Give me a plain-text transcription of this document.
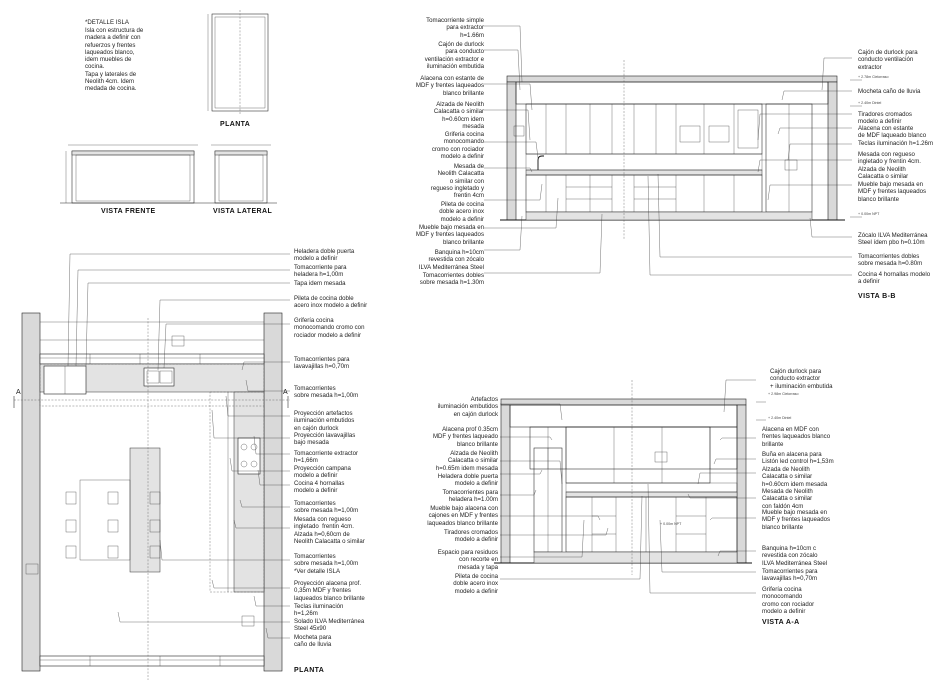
*DETALLE ISLA
Isla con estructura de
madera a definir con
refuerzos y frentes
laqueados blanco,
idem muebles de
cocina.
Tapa y laterales de
Neolith 4cm. Idem
medada de cocina.
PLANTA
VISTA FRENTE	VISTA LATERAL
Tomacorriente simple
para extractor
h=1.66m
Cajón de durlock
para conducto
ventilación extractor e
iluminación embutida
Alacena con estante de
MDF y frentes laqueados
blanco brillante
Alzada de Neolith
Calacatta o similar
h=0.60cm idem
mesada
Griferia cocina
monocomando
cromo con rociador
modelo a definir
Mesada de
Neolith Calacatta
o similar con
regueso ingletado y
frentin 4cm
Pileta de cocina
doble acero inox
modelo a definir
Mueble bajo mesada en
MDF y frentes laqueados
blanco brillante
Banquina h=10cm
revestida con zócalo
ILVA Mediterránea Steel
Tomacorrientes dobles
sobre mesada h=1.30m
Cajón de durlock para
conducto ventilación
extractor
Mocheta caño de lluvia
Tiradores cromados
modelo a definir
Alacena con estante
de MDF laqueado blanco
Teclas iluminación h=1.26m
Mesada con regueso
ingletado y frentin 4cm.
Alzada de Neolith
Calacatta o similar
Mueble bajo mesada en
MDF y frentes laqueados
blanco brillante
Zócalo ILVA Mediterránea
Steel ídem pbo h=0.10m
Tomacorrientes dobles
sobre mesada h=0.80m
Cocina 4 hornallas modelo
a definir
+ 2.78m Cielorraso
+ 2.40m Dintel
+ 0.00m NPT
VISTA B-B
Heladera doble puerta
modelo a definir
Tomacorriente para
heladera h=1,00m
Tapa idem mesada
Pileta de cocina doble
acero inox modelo a definir
Grifería cocina
monocomando cromo con
rociador modelo a definir
Tomacorrientes para
lavavajillas h=0,70m
Tomacorrientes
sobre mesada h=1,00m
Proyección artefactos
iluminación embutidos
en cajón durlock
Proyección lavavajillas
bajo mesada
Tomacorriente extractor
h=1,66m
Proyección campana
modelo a definir
Cocina 4 hornallas
modelo a definir
Tomacorrientes
sobre mesada h=1,00m
Mesada con regueso
ingletado  frentin 4cm.
Alzada h=0,60cm de
Neolith Calacatta o similar
Tomacorrientes
sobre mesada h=1,00m
*Ver detalle ISLA
Proyección alacena prof.
0,35m MDF y frentes
laqueados blanco brillante
Teclas iluminación
h=1,26m
Solado ILVA Mediterránea
Steel 45x90
Mocheta para
caño de lluvia
PLANTA
A	A
Artefactos
iluminación embutidos
en cajón durlock
Alacena prof 0.35cm
MDF y frentes laqueado
blanco brillante
Alzada de Neolith
Calacatta o similar
h=0.65m idem mesada
Heladera doble puerta
modelo a definir
Tomacorrientes para
heladera h=1.00m
Mueble bajo alacena con
cajones en MDF y frentes
laqueados blanco brillante
Tiradores cromados
modelo a definir
Espacio para residuos
con recorte en
mesada y tapa
Pileta de cocina
doble acero inox
modelo a definir
Cajón durlock para
conducto extractor
+ iluminación embutida
Alacena en MDF con
frentes laqueados blanco
brillante
Buña en alacena para
Listón led control h=1,53m
Alzada de Neolith
Calacatta o similar
h=0.60cm idem mesada
Mesada de Neolith
Calacatta o similar
con faldón 4cm
Mueble bajo mesada en
MDF y frentes laqueados
blanco brillante
Banquina h=10cm c
revestida con zócalo
ILVA Mediterránea Steel
Tomacorrientes para
lavavajillas h=0,70m
Grifería cocina
monocomando
cromo con rociador
modelo a definir
+ 2.98m Cielorraso
+ 2.40m Dintel
+ 0.00m NPT
VISTA A-A
